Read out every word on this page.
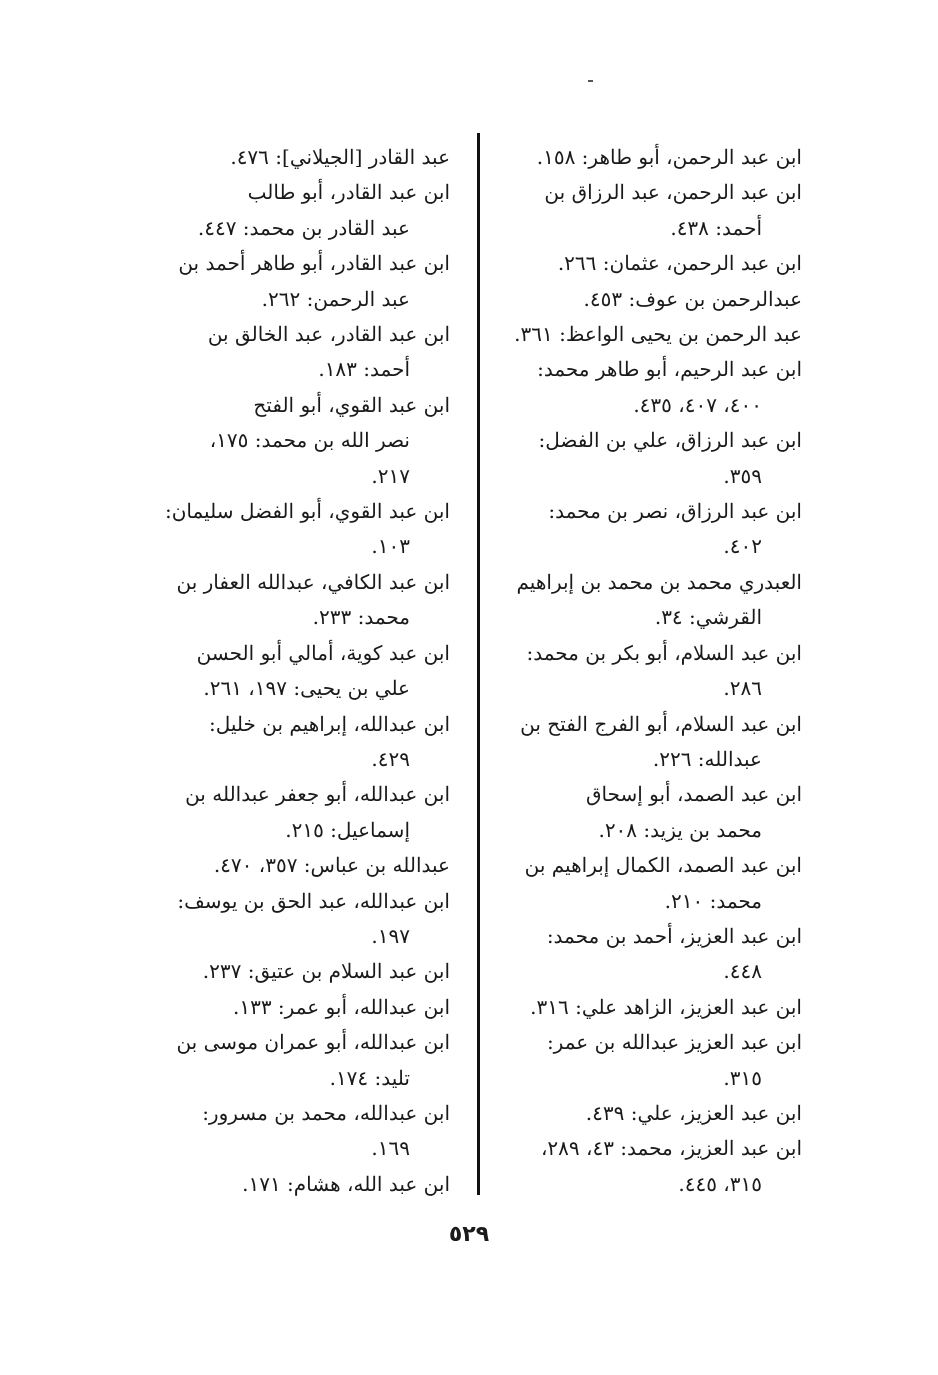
ابن عبد الرحمن، أبو طاهر: ١٥٨.
ابن عبد الرحمن، عبد الرزاق بن
أحمد: ٤٣٨.
ابن عبد الرحمن، عثمان: ٢٦٦.
عبدالرحمن بن عوف: ٤٥٣.
عبد الرحمن بن يحيى الواعظ: ٣٦١.
ابن عبد الرحيم، أبو طاهر محمد:
٤٠٠، ٤٠٧، ٤٣٥.
ابن عبد الرزاق، علي بن الفضل:
٣٥٩.
ابن عبد الرزاق، نصر بن محمد:
٤٠٢.
العبدري محمد بن محمد بن إبراهيم
القرشي: ٣٤.
ابن عبد السلام، أبو بكر بن محمد:
٢٨٦.
ابن عبد السلام، أبو الفرج الفتح بن
عبدالله: ٢٢٦.
ابن عبد الصمد، أبو إسحاق
محمد بن يزيد: ٢٠٨.
ابن عبد الصمد، الكمال إبراهيم بن
محمد: ٢١٠.
ابن عبد العزيز، أحمد بن محمد:
٤٤٨.
ابن عبد العزيز، الزاهد علي: ٣١٦.
ابن عبد العزيز عبدالله بن عمر:
٣١٥.
ابن عبد العزيز، علي: ٤٣٩.
ابن عبد العزيز، محمد: ٤٣، ٢٨٩،
٣١٥، ٤٤٥.
عبد القادر [الجيلاني]: ٤٧٦.
ابن عبد القادر، أبو طالب
عبد القادر بن محمد: ٤٤٧.
ابن عبد القادر، أبو طاهر أحمد بن
عبد الرحمن: ٢٦٢.
ابن عبد القادر، عبد الخالق بن
أحمد: ١٨٣.
ابن عبد القوي، أبو الفتح
نصر الله بن محمد: ١٧٥،
٢١٧.
ابن عبد القوي، أبو الفضل سليمان:
١٠٣.
ابن عبد الكافي، عبدالله العفار بن
محمد: ٢٣٣.
ابن عبد كوية، أمالي أبو الحسن
علي بن يحيى: ١٩٧، ٢٦١.
ابن عبدالله، إبراهيم بن خليل:
٤٢٩.
ابن عبدالله، أبو جعفر عبدالله بن
إسماعيل: ٢١٥.
عبدالله بن عباس: ٣٥٧، ٤٧٠.
ابن عبدالله، عبد الحق بن يوسف:
١٩٧.
ابن عبد السلام بن عتيق: ٢٣٧.
ابن عبدالله، أبو عمر: ١٣٣.
ابن عبدالله، أبو عمران موسى بن
تليد: ١٧٤.
ابن عبدالله، محمد بن مسرور:
١٦٩.
ابن عبد الله، هشام: ١٧١.
٥٢٩
